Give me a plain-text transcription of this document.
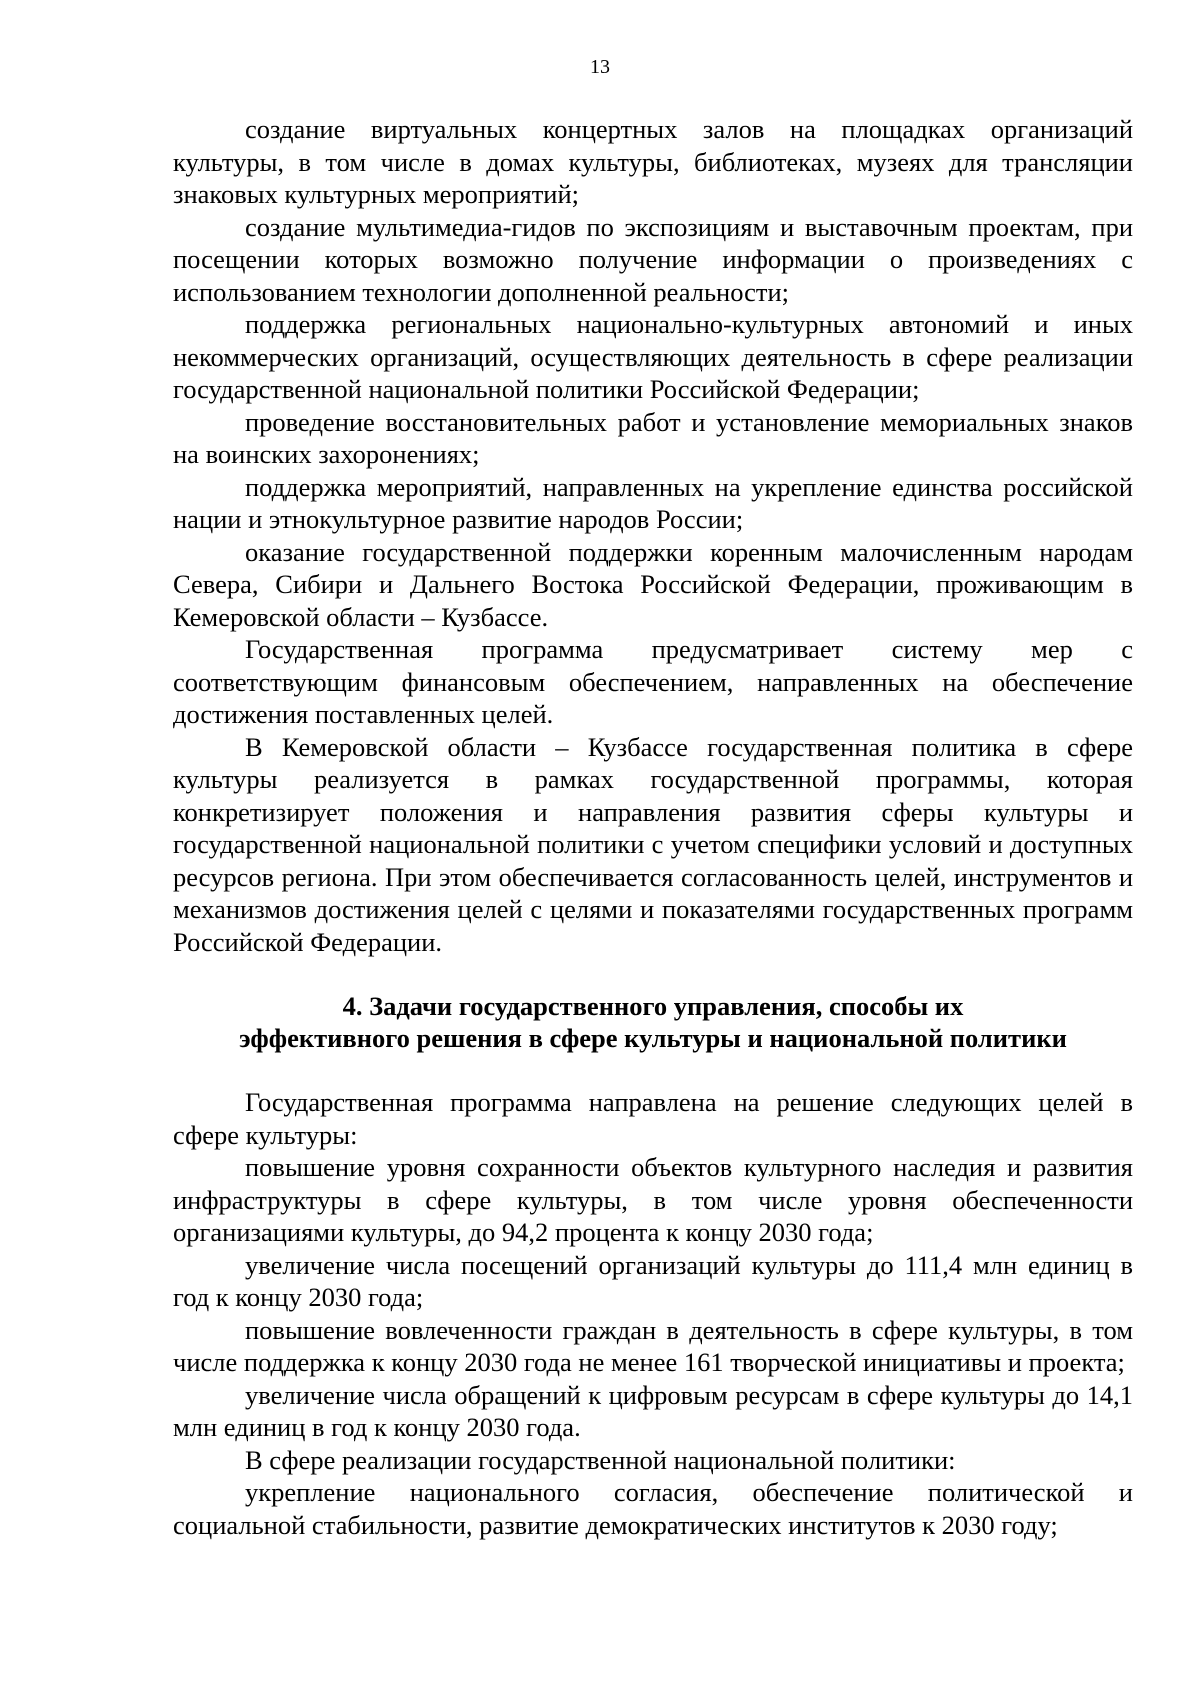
13

создание виртуальных концертных залов на площадках организаций культуры, в том числе в домах культуры, библиотеках, музеях для трансляции знаковых культурных мероприятий;

создание мультимедиа-гидов по экспозициям и выставочным проектам, при посещении которых возможно получение информации о произведениях с использованием технологии дополненной реальности;

поддержка региональных национально-культурных автономий и иных некоммерческих организаций, осуществляющих деятельность в сфере реализации государственной национальной политики Российской Федерации;

проведение восстановительных работ и установление мемориальных знаков на воинских захоронениях;

поддержка мероприятий, направленных на укрепление единства российской нации и этнокультурное развитие народов России;

оказание государственной поддержки коренным малочисленным народам Севера, Сибири и Дальнего Востока Российской Федерации, проживающим в Кемеровской области – Кузбассе.

Государственная программа предусматривает систему мер с соответствующим финансовым обеспечением, направленных на обеспечение достижения поставленных целей.

В Кемеровской области – Кузбассе государственная политика в сфере культуры реализуется в рамках государственной программы, которая конкретизирует положения и направления развития сферы культуры и государственной национальной политики с учетом специфики условий и доступных ресурсов региона. При этом обеспечивается согласованность целей, инструментов и механизмов достижения целей с целями и показателями государственных программ Российской Федерации.

4. Задачи государственного управления, способы их
эффективного решения в сфере культуры и национальной политики

Государственная программа направлена на решение следующих целей в сфере культуры:

повышение уровня сохранности объектов культурного наследия и развития инфраструктуры в сфере культуры, в том числе уровня обеспеченности организациями культуры, до 94,2 процента к концу 2030 года;

увеличение числа посещений организаций культуры до 111,4 млн единиц в год к концу 2030 года;

повышение вовлеченности граждан в деятельность в сфере культуры, в том числе поддержка к концу 2030 года не менее 161 творческой инициативы и проекта;

увеличение числа обращений к цифровым ресурсам в сфере культуры до 14,1 млн единиц в год к концу 2030 года.

В сфере реализации государственной национальной политики:

укрепление национального согласия, обеспечение политической и социальной стабильности, развитие демократических институтов к 2030 году;
